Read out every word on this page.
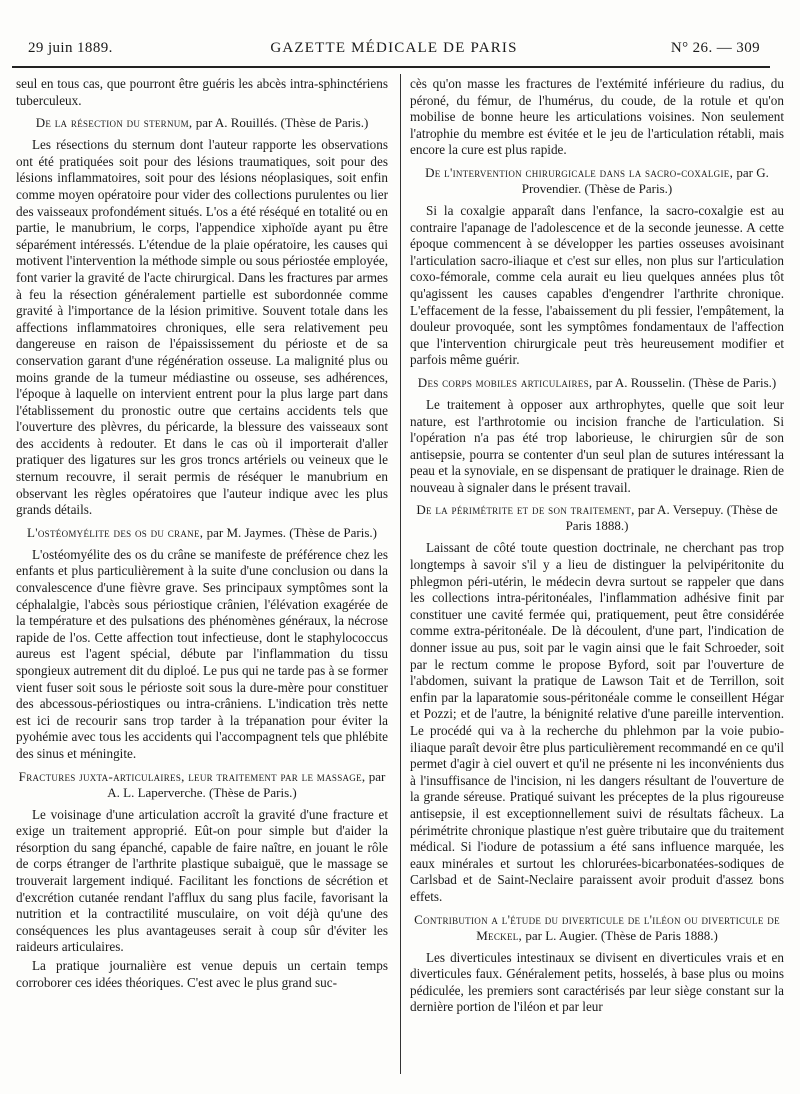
29 juin 1889.	GAZETTE MÉDICALE DE PARIS	N° 26. — 309

seul en tous cas, que pourront être guéris les abcès intra-sphinctériens tuberculeux.

De la résection du sternum, par A. Rouillés. (Thèse de Paris.)

Les résections du sternum dont l'auteur rapporte les observations ont été pratiquées soit pour des lésions traumatiques, soit pour des lésions inflammatoires, soit pour des lésions néoplasiques, soit enfin comme moyen opératoire pour vider des collections purulentes ou lier des vaisseaux profondément situés. L'os a été réséqué en totalité ou en partie, le manubrium, le corps, l'appendice xiphoïde ayant pu être séparément intéressés. L'étendue de la plaie opératoire, les causes qui motivent l'intervention la méthode simple ou sous périostée employée, font varier la gravité de l'acte chirurgical. Dans les fractures par armes à feu la résection généralement partielle est subordonnée comme gravité à l'importance de la lésion primitive. Souvent totale dans les affections inflammatoires chroniques, elle sera relativement peu dangereuse en raison de l'épaississement du périoste et de sa conservation garant d'une régénération osseuse. La malignité plus ou moins grande de la tumeur médiastine ou osseuse, ses adhérences, l'époque à laquelle on intervient entrent pour la plus large part dans l'établissement du pronostic outre que certains accidents tels que l'ouverture des plèvres, du péricarde, la blessure des vaisseaux sont des accidents à redouter. Et dans le cas où il importerait d'aller pratiquer des ligatures sur les gros troncs artériels ou veineux que le sternum recouvre, il serait permis de réséquer le manubrium en observant les règles opératoires que l'auteur indique avec les plus grands détails.

L'ostéomyélite des os du crane, par M. Jaymes. (Thèse de Paris.)

L'ostéomyélite des os du crâne se manifeste de préférence chez les enfants et plus particulièrement à la suite d'une conclusion ou dans la convalescence d'une fièvre grave. Ses principaux symptômes sont la céphalalgie, l'abcès sous périostique crânien, l'élévation exagérée de la température et des pulsations des phénomènes généraux, la nécrose rapide de l'os. Cette affection tout infectieuse, dont le staphylococcus aureus est l'agent spécial, débute par l'inflammation du tissu spongieux autrement dit du diploé. Le pus qui ne tarde pas à se former vient fuser soit sous le périoste soit sous la dure-mère pour constituer des abcessous-périostiques ou intra-crâniens. L'indication très nette est ici de recourir sans trop tarder à la trépanation pour éviter la pyohémie avec tous les accidents qui l'accompagnent tels que phlébite des sinus et méningite.

Fractures juxta-articulaires, leur traitement par le massage, par A. L. Laperverche. (Thèse de Paris.)

Le voisinage d'une articulation accroît la gravité d'une fracture et exige un traitement approprié. Eût-on pour simple but d'aider la résorption du sang épanché, capable de faire naître, en jouant le rôle de corps étranger de l'arthrite plastique subaiguë, que le massage se trouverait largement indiqué. Facilitant les fonctions de sécrétion et d'excrétion cutanée rendant l'afflux du sang plus facile, favorisant la nutrition et la contractilité musculaire, on voit déjà qu'une des conséquences les plus avantageuses serait à coup sûr d'éviter les raideurs articulaires.

La pratique journalière est venue depuis un certain temps corroborer ces idées théoriques. C'est avec le plus grand suc-

cès qu'on masse les fractures de l'extémité inférieure du radius, du péroné, du fémur, de l'humérus, du coude, de la rotule et qu'on mobilise de bonne heure les articulations voisines. Non seulement l'atrophie du membre est évitée et le jeu de l'articulation rétabli, mais encore la cure est plus rapide.

De l'intervention chirurgicale dans la sacro-coxalgie, par G. Provendier. (Thèse de Paris.)

Si la coxalgie apparaît dans l'enfance, la sacro-coxalgie est au contraire l'apanage de l'adolescence et de la seconde jeunesse. A cette époque commencent à se développer les parties osseuses avoisinant l'articulation sacro-iliaque et c'est sur elles, non plus sur l'articulation coxo-fémorale, comme cela aurait eu lieu quelques années plus tôt qu'agissent les causes capables d'engendrer l'arthrite chronique. L'effacement de la fesse, l'abaissement du pli fessier, l'empâtement, la douleur provoquée, sont les symptômes fondamentaux de l'affection que l'intervention chirurgicale peut très heureusement modifier et parfois même guérir.

Des corps mobiles articulaires, par A. Rousselin. (Thèse de Paris.)

Le traitement à opposer aux arthrophytes, quelle que soit leur nature, est l'arthrotomie ou incision franche de l'articulation. Si l'opération n'a pas été trop laborieuse, le chirurgien sûr de son antisepsie, pourra se contenter d'un seul plan de sutures intéressant la peau et la synoviale, en se dispensant de pratiquer le drainage. Rien de nouveau à signaler dans le présent travail.

De la périmétrite et de son traitement, par A. Versepuy. (Thèse de Paris 1888.)

Laissant de côté toute question doctrinale, ne cherchant pas trop longtemps à savoir s'il y a lieu de distinguer la pelvipéritonite du phlegmon péri-utérin, le médecin devra surtout se rappeler que dans les collections intra-péritonéales, l'inflammation adhésive finit par constituer une cavité fermée qui, pratiquement, peut être considérée comme extra-péritonéale. De là découlent, d'une part, l'indication de donner issue au pus, soit par le vagin ainsi que le fait Schroeder, soit par le rectum comme le propose Byford, soit par l'ouverture de l'abdomen, suivant la pratique de Lawson Tait et de Terrillon, soit enfin par la laparatomie sous-péritonéale comme le conseillent Hégar et Pozzi; et de l'autre, la bénignité relative d'une pareille intervention. Le procédé qui va à la recherche du phlehmon par la voie pubio-iliaque paraît devoir être plus particulièrement recommandé en ce qu'il permet d'agir à ciel ouvert et qu'il ne présente ni les inconvénients dus à l'insuffisance de l'incision, ni les dangers résultant de l'ouverture de la grande séreuse. Pratiqué suivant les préceptes de la plus rigoureuse antisepsie, il est exceptionnellement suivi de résultats fâcheux. La périmétrite chronique plastique n'est guère tributaire que du traitement médical. Si l'iodure de potassium a été sans influence marquée, les eaux minérales et surtout les chlorurées-bicarbonatées-sodiques de Carlsbad et de Saint-Neclaire paraissent avoir produit d'assez bons effets.

Contribution a l'étude du diverticule de l'iléon ou diverticule de Meckel, par L. Augier. (Thèse de Paris 1888.)

Les diverticules intestinaux se divisent en diverticules vrais et en diverticules faux. Généralement petits, hosselés, à base plus ou moins pédiculée, les premiers sont caractérisés par leur siège constant sur la dernière portion de l'iléon et par leur
